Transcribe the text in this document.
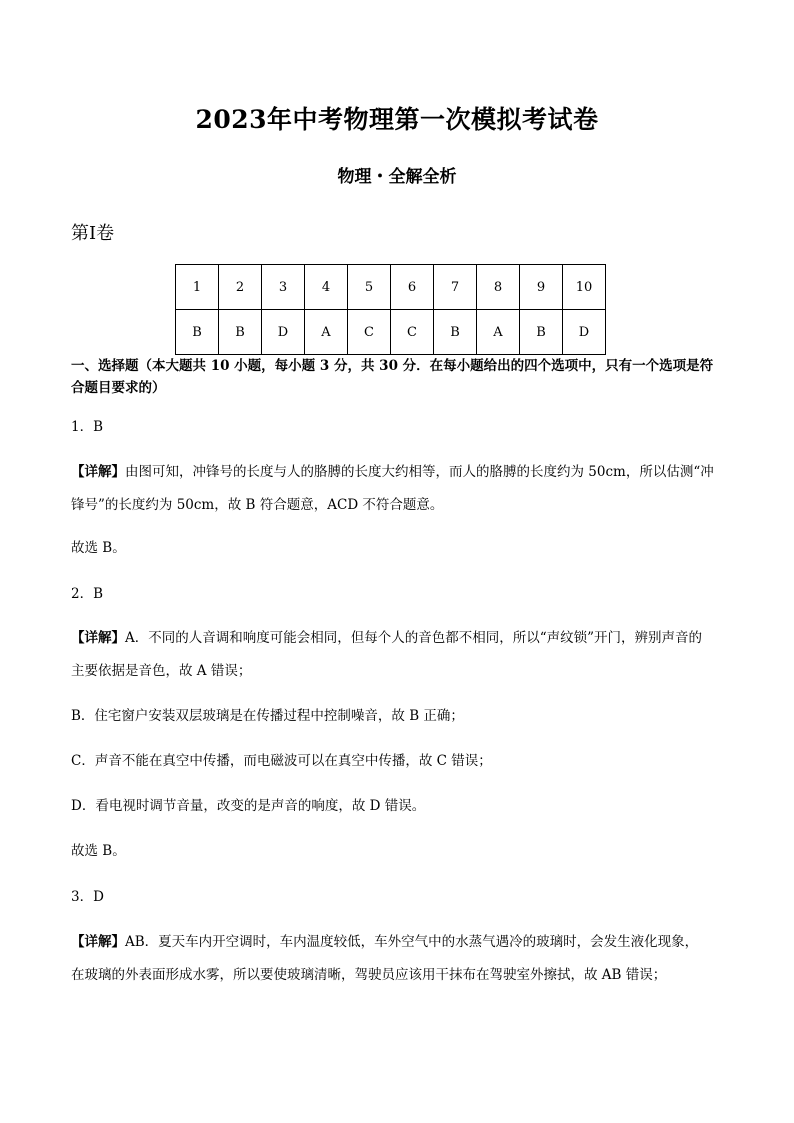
2023年中考物理第一次模拟考试卷
物理・全解全析
第Ⅰ卷
1	2	3	4	5	6	7	8	9	10
B	B	D	A	C	C	B	A	B	D
一、选择题（本大题共 10 小题，每小题 3 分，共 30 分．在每小题给出的四个选项中，只有一个选项是符合题目要求的）
1．B
【详解】由图可知，冲锋号的长度与人的胳膊的长度大约相等，而人的胳膊的长度约为 50cm，所以估测“冲
锋号”的长度约为 50cm，故 B 符合题意，ACD 不符合题意。
故选 B。
2．B
【详解】A．不同的人音调和响度可能会相同，但每个人的音色都不相同，所以“声纹锁”开门，辨别声音的
主要依据是音色，故 A 错误；
B．住宅窗户安装双层玻璃是在传播过程中控制噪音，故 B 正确；
C．声音不能在真空中传播，而电磁波可以在真空中传播，故 C 错误；
D．看电视时调节音量，改变的是声音的响度，故 D 错误。
故选 B。
3．D
【详解】AB．夏天车内开空调时，车内温度较低，车外空气中的水蒸气遇冷的玻璃时，会发生液化现象，
在玻璃的外表面形成水雾，所以要使玻璃清晰，驾驶员应该用干抹布在驾驶室外擦拭，故 AB 错误；
